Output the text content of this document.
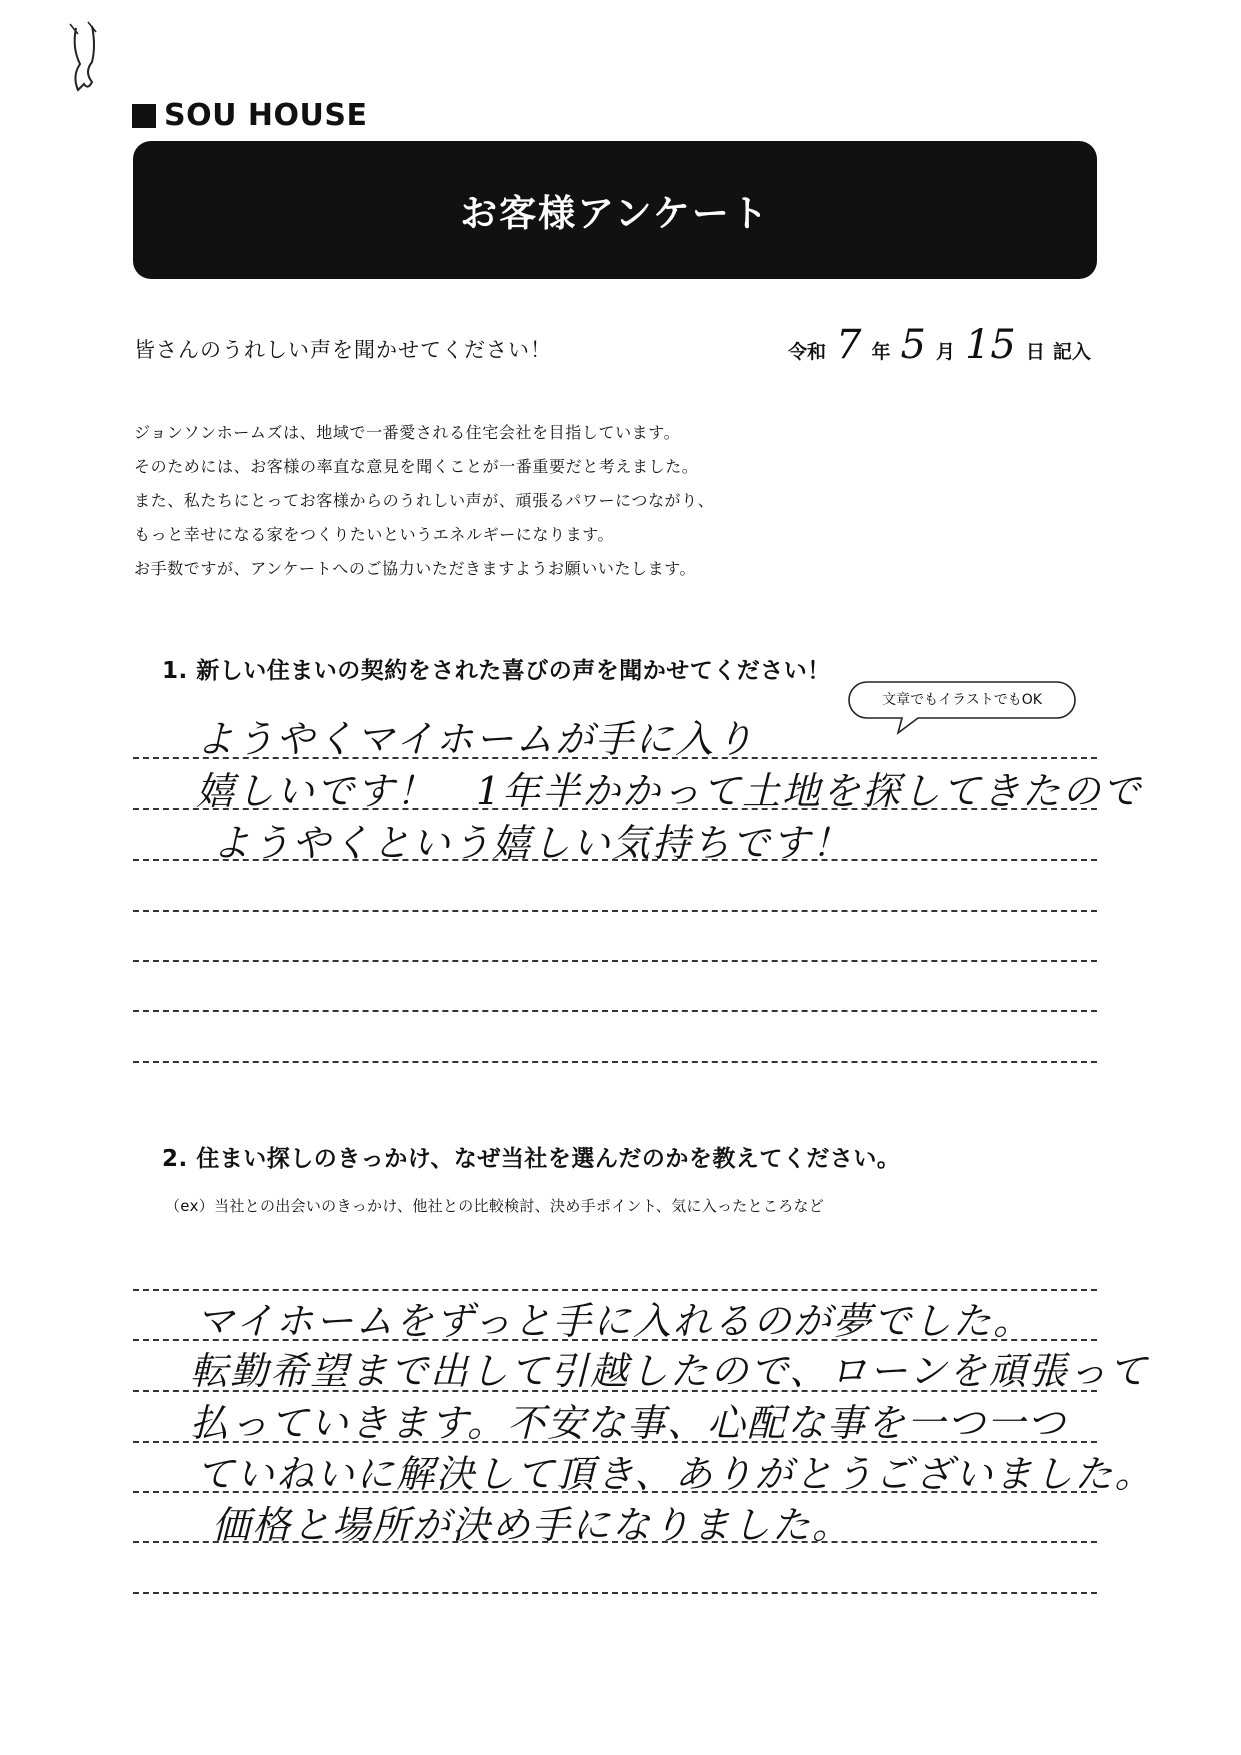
SOU HOUSE
お客様アンケート
皆さんのうれしい声を聞かせてください！	令和 7 年 5 月 15 日 記入

ジョンソンホームズは、地域で一番愛される住宅会社を目指しています。

そのためには、お客様の率直な意見を聞くことが一番重要だと考えました。

また、私たちにとってお客様からのうれしい声が、頑張るパワーにつながり、

もっと幸せになる家をつくりたいというエネルギーになります。

お手数ですが、アンケートへのご協力いただきますようお願いいたします。

1. 新しい住まいの契約をされた喜びの声を聞かせてください！
文章でもイラストでもOK
ようやくマイホームが手に入り
嬉しいです！　1年半かかって土地を探してきたので
ようやくという嬉しい気持ちです！
2. 住まい探しのきっかけ、なぜ当社を選んだのかを教えてください。
（ex）当社との出会いのきっかけ、他社との比較検討、決め手ポイント、気に入ったところなど
マイホームをずっと手に入れるのが夢でした。
転勤希望まで出して引越したので、ローンを頑張って
払っていきます。不安な事、心配な事を一つ一つ
ていねいに解決して頂き、ありがとうございました。
価格と場所が決め手になりました。
